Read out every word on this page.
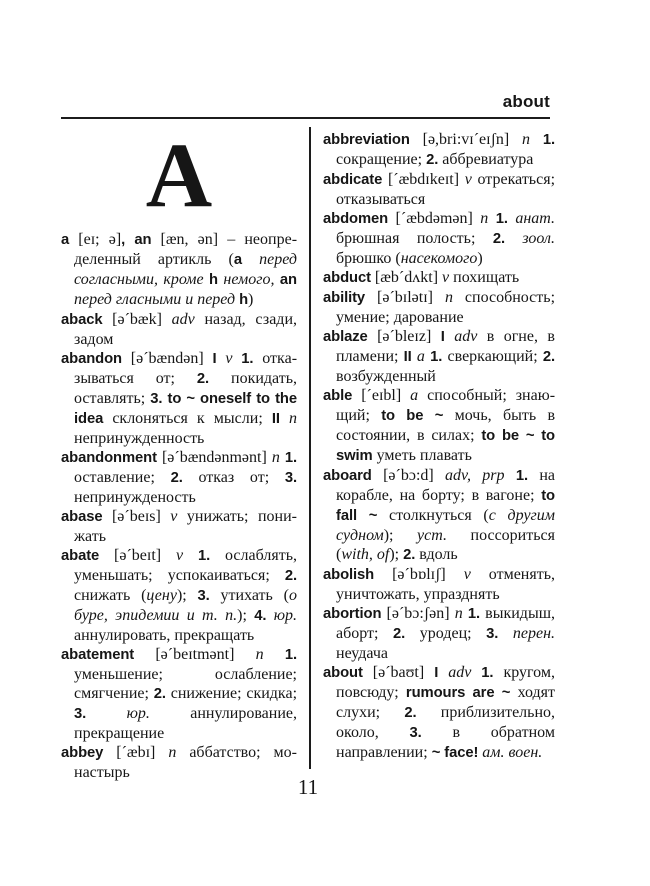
about
A
a [eɪ; ə], an [æn, ən] – неопределенный артикль (a перед согласными, кроме h немого, an перед гласными и перед h)
aback [ə´bæk] adv назад, сзади, задом
abandon [ə´bændən] I v 1. отказываться от; 2. покидать, оставлять; 3. to ~ oneself to the idea склоняться к мысли; II n непринужденность
abandonment [ə´bændənmənt] n 1. оставление; 2. отказ от; 3. непринужденость
abase [ə´beɪs] v унижать; понижать
abate [ə´beɪt] v 1. ослаблять, уменьшать; успокаиваться; 2. снижать (цену); 3. утихать (о буре, эпидемии и т. п.); 4. юр. аннулировать, прекращать
abatement [ə´beɪtmənt] n 1. уменьшение; ослабление; смягчение; 2. снижение; скидка; 3. юр. аннулирование, прекращение
abbey [´æbɪ] n аббатство; монастырь
abbreviation [ə,bri:vɪ´eɪʃn] n 1. сокращение; 2. аббревиатура
abdicate [´æbdɪkeɪt] v отрекаться; отказываться
abdomen [´æbdəmən] n 1. анат. брюшная полость; 2. зоол. брюшко (насекомого)
abduct [æb´dʌkt] v похищать
ability [ə´bɪlətɪ] n способность; умение; дарование
ablaze [ə´bleɪz] I adv в огне, в пламени; II a 1. сверкающий; 2. возбужденный
able [´eɪbl] a способный; знающий; to be ~ мочь, быть в состоянии, в силах; to be ~ to swim уметь плавать
aboard [ə´bɔ:d] adv, prp 1. на корабле, на борту; в вагоне; to fall ~ столкнуться (с другим судном); уст. поссориться (with, of); 2. вдоль
abolish [ə´bɒlɪʃ] v отменять, уничтожать, упразднять
abortion [ə´bɔ:ʃən] n 1. выкидыш, аборт; 2. уродец; 3. перен. неудача
about [ə´baʊt] I adv 1. кругом, повсюду; rumours are ~ ходят слухи; 2. приблизительно, около, 3. в обратном направлении; ~ face! ам. воен.
11
